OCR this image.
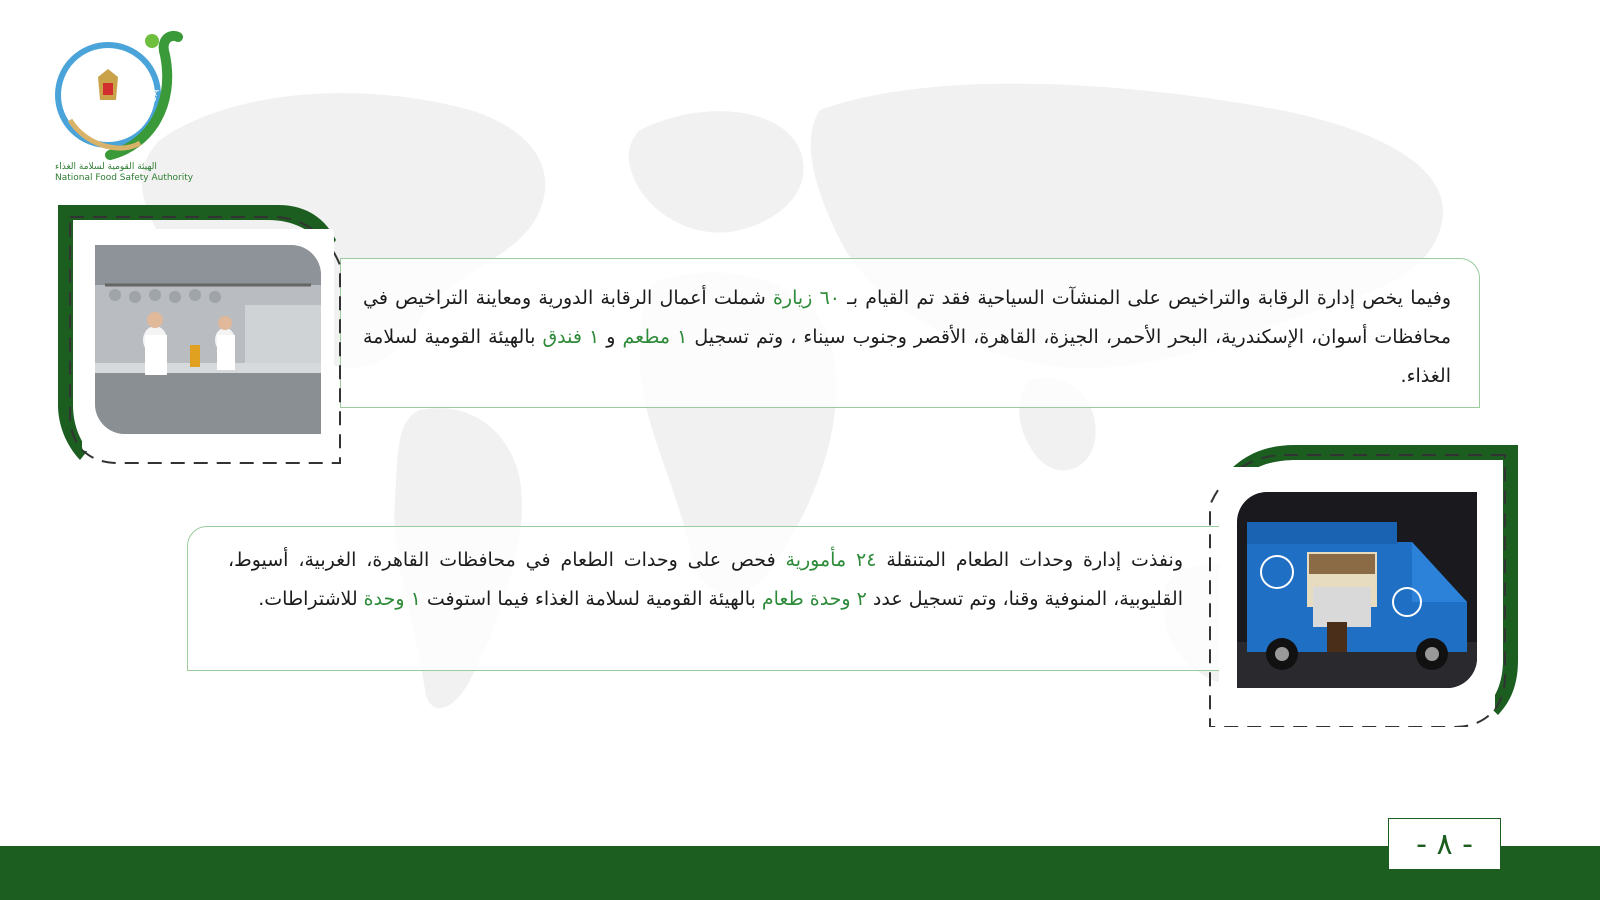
NFSA
الهيئة القومية لسلامة الغذاء
National Food Safety Authority

وفيما يخص إدارة الرقابة والتراخيص على المنشآت السياحية فقد تم القيام بـ ٦٠ زيارة شملت أعمال الرقابة الدورية ومعاينة التراخيص في محافظات أسوان، الإسكندرية، البحر الأحمر، الجيزة، القاهرة، الأقصر وجنوب سيناء ، وتم تسجيل ١ مطعم و ١ فندق بالهيئة القومية لسلامة الغذاء.

ونفذت إدارة وحدات الطعام المتنقلة ٢٤ مأمورية فحص على وحدات الطعام في محافظات القاهرة، الغربية، أسيوط، القليوبية، المنوفية وقنا، وتم تسجيل عدد ٢ وحدة طعام بالهيئة القومية لسلامة الغذاء فيما استوفت ١ وحدة للاشتراطات.

- ٨ -
